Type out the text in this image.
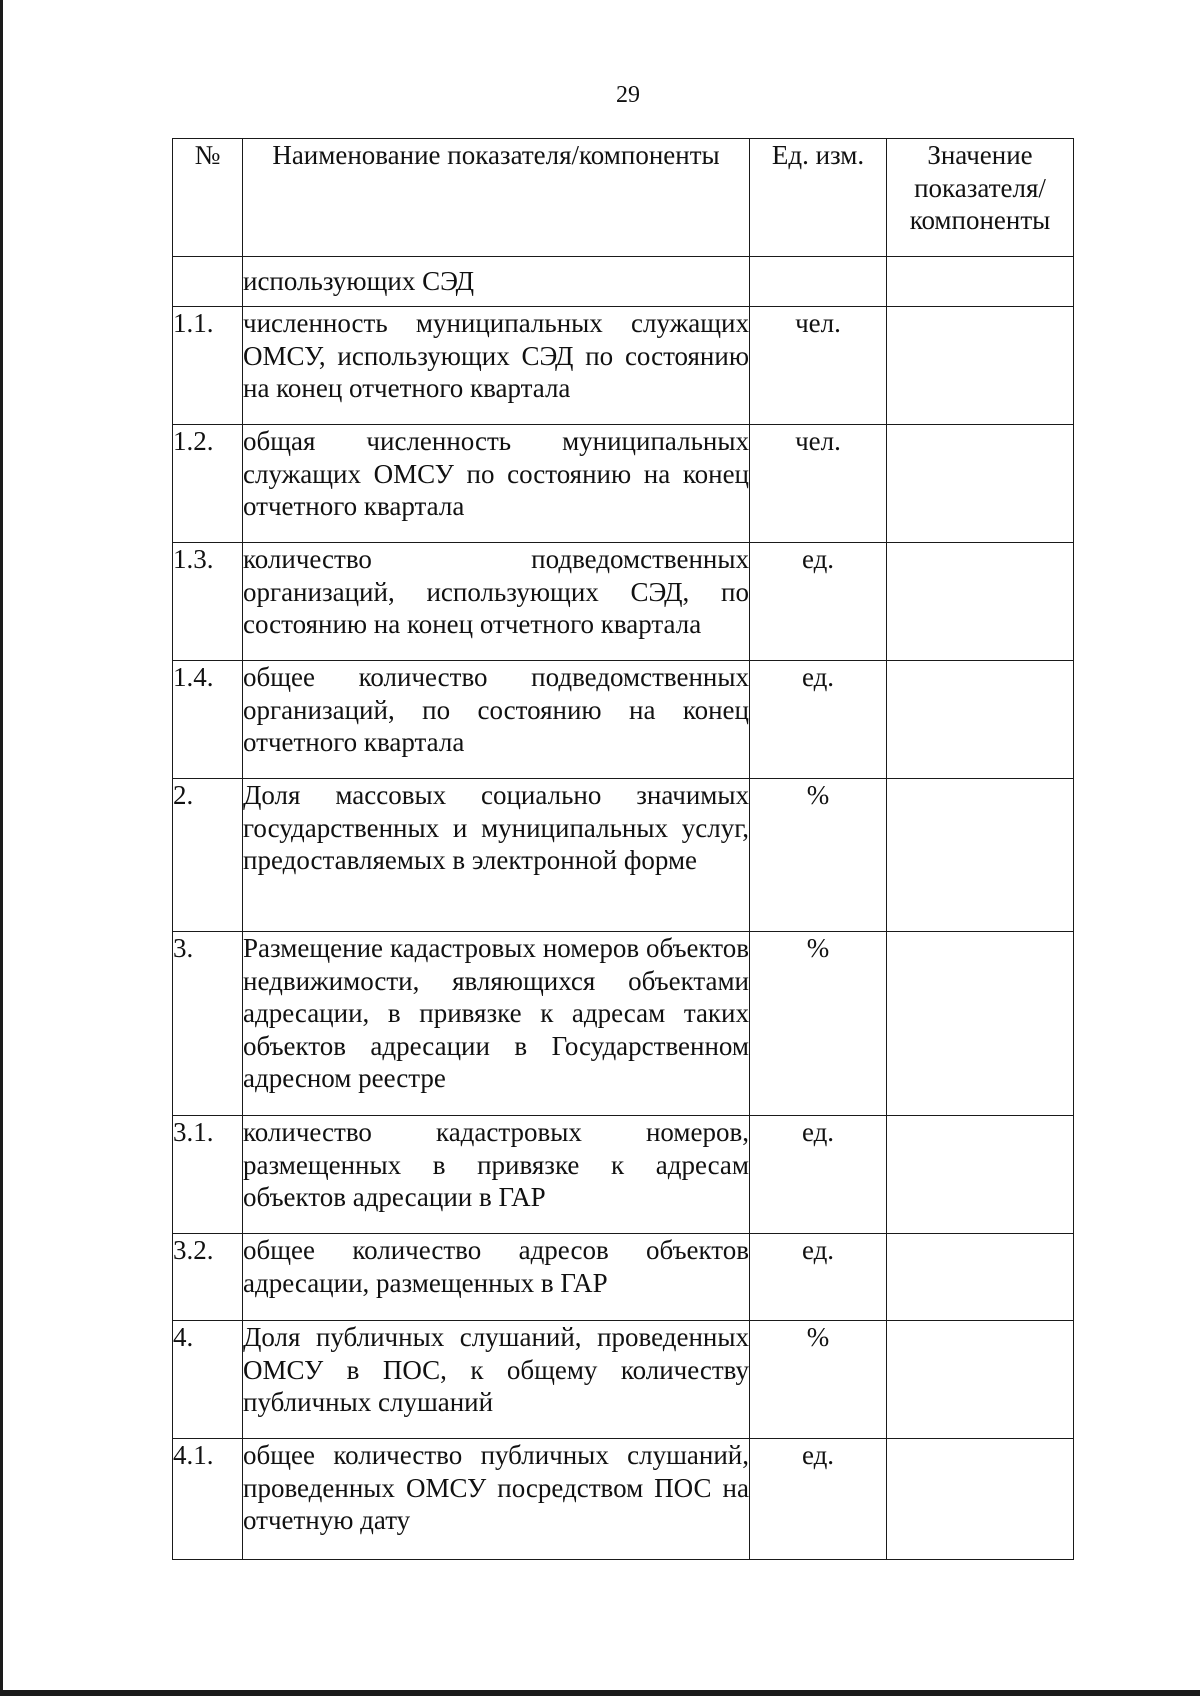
29
№	Наименование показателя/компоненты	Ед. изм.	Значение показателя/ компоненты
	использующих СЭД		
1.1.	численность муниципальных служащих ОМСУ, использующих СЭД по состоянию на конец отчетного квартала	чел.	
1.2.	общая численность муниципальных служащих ОМСУ по состоянию на конец отчетного квартала	чел.	
1.3.	количество подведомственных организаций, использующих СЭД, по состоянию на конец отчетного квартала	ед.	
1.4.	общее количество подведомственных организаций, по состоянию на конец отчетного квартала	ед.	
2.	Доля массовых социально значимых государственных и муниципальных услуг, предоставляемых в электронной форме	%	
3.	Размещение кадастровых номеров объектов недвижимости, являющихся объектами адресации, в привязке к адресам таких объектов адресации в Государственном адресном реестре	%	
3.1.	количество кадастровых номеров, размещенных в привязке к адресам объектов адресации в ГАР	ед.	
3.2.	общее количество адресов объектов адресации, размещенных в ГАР	ед.	
4.	Доля публичных слушаний, проведенных ОМСУ в ПОС, к общему количеству публичных слушаний	%	
4.1.	общее количество публичных слушаний, проведенных ОМСУ посредством ПОС на отчетную дату	ед.	
